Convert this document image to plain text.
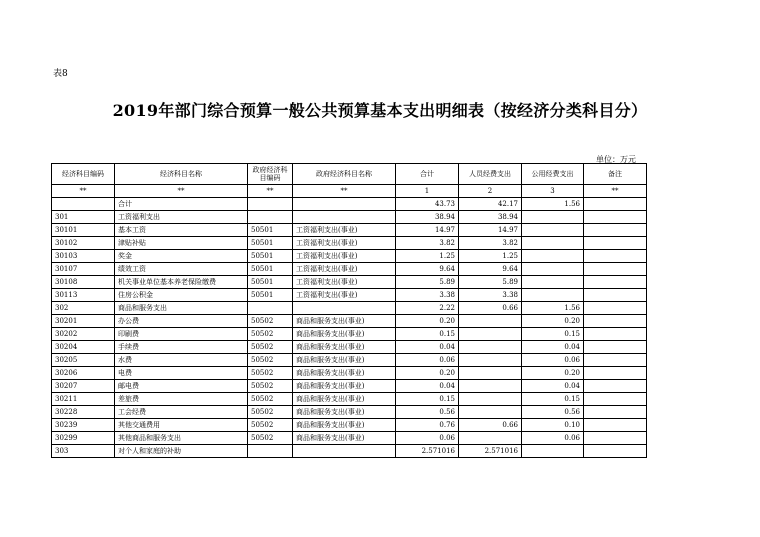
表8
2019年部门综合预算一般公共预算基本支出明细表（按经济分类科目分）
单位：万元
经济科目编码	经济科目名称	政府经济科目编码	政府经济科目名称	合计	人员经费支出	公用经费支出	备注
**	**	**	**	1	2	3	**
	合计			43.73	42.17	1.56	
301	工资福利支出			38.94	38.94		
30101	基本工资	50501	工资福利支出(事业)	14.97	14.97		
30102	津贴补贴	50501	工资福利支出(事业)	3.82	3.82		
30103	奖金	50501	工资福利支出(事业)	1.25	1.25		
30107	绩效工资	50501	工资福利支出(事业)	9.64	9.64		
30108	机关事业单位基本养老保险缴费	50501	工资福利支出(事业)	5.89	5.89		
30113	住房公积金	50501	工资福利支出(事业)	3.38	3.38		
302	商品和服务支出			2.22	0.66	1.56	
30201	办公费	50502	商品和服务支出(事业)	0.20		0.20	
30202	印刷费	50502	商品和服务支出(事业)	0.15		0.15	
30204	手续费	50502	商品和服务支出(事业)	0.04		0.04	
30205	水费	50502	商品和服务支出(事业)	0.06		0.06	
30206	电费	50502	商品和服务支出(事业)	0.20		0.20	
30207	邮电费	50502	商品和服务支出(事业)	0.04		0.04	
30211	差旅费	50502	商品和服务支出(事业)	0.15		0.15	
30228	工会经费	50502	商品和服务支出(事业)	0.56		0.56	
30239	其他交通费用	50502	商品和服务支出(事业)	0.76	0.66	0.10	
30299	其他商品和服务支出	50502	商品和服务支出(事业)	0.06		0.06	
303	对个人和家庭的补助			2.571016	2.571016		
